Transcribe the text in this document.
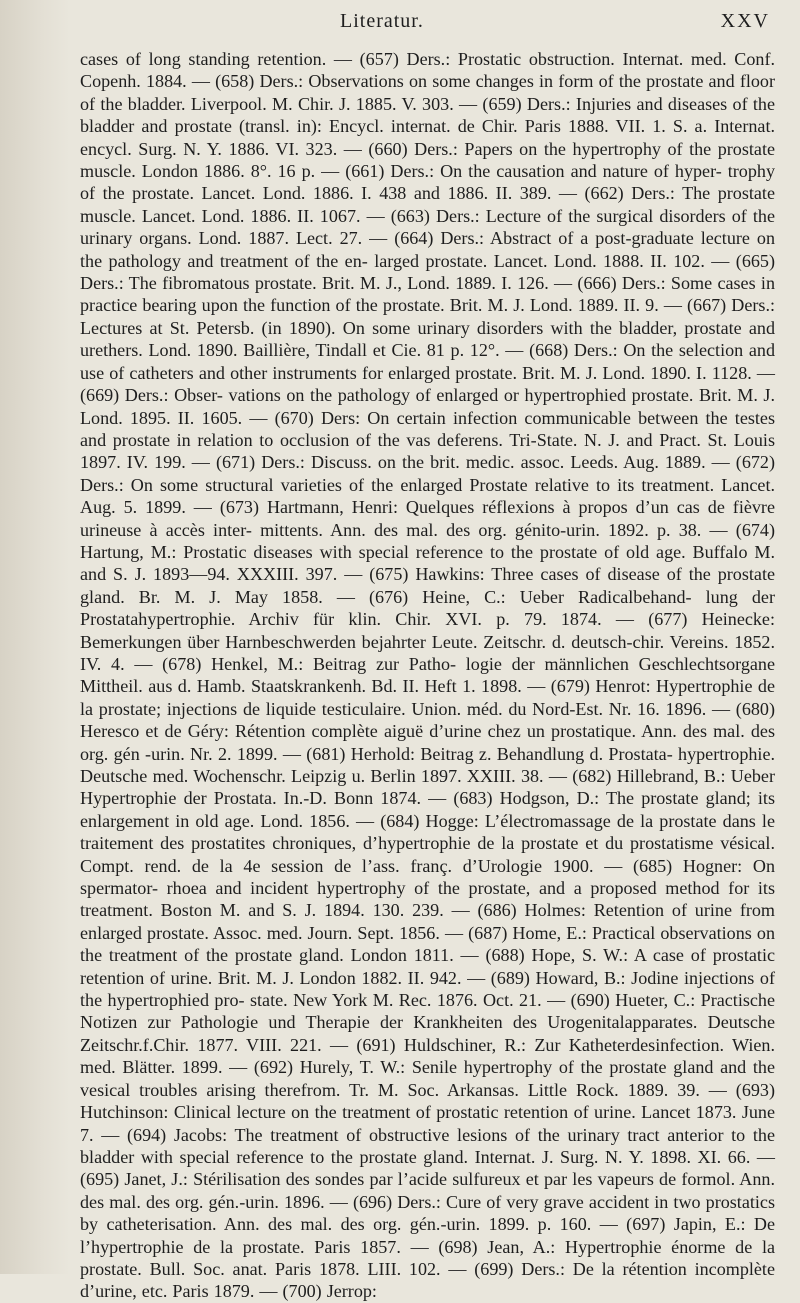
Literatur.	XXV

cases of long standing retention. — (657) Ders.: Prostatic obstruction. Internat. med. Conf. Copenh. 1884. — (658) Ders.: Observations on some changes in form of the prostate and floor of the bladder. Liverpool. M. Chir. J. 1885. V. 303. — (659) Ders.: Injuries and diseases of the bladder and prostate (transl. in): Encycl. internat. de Chir. Paris 1888. VII. 1. S. a. Internat. encycl. Surg. N. Y. 1886. VI. 323. — (660) Ders.: Papers on the hypertrophy of the prostate muscle. London 1886. 8°. 16 p. — (661) Ders.: On the causation and nature of hyper- trophy of the prostate. Lancet. Lond. 1886. I. 438 and 1886. II. 389. — (662) Ders.: The prostate muscle. Lancet. Lond. 1886. II. 1067. — (663) Ders.: Lecture of the surgical disorders of the urinary organs. Lond. 1887. Lect. 27. — (664) Ders.: Abstract of a post-graduate lecture on the pathology and treatment of the en- larged prostate. Lancet. Lond. 1888. II. 102. — (665) Ders.: The fibromatous prostate. Brit. M. J., Lond. 1889. I. 126. — (666) Ders.: Some cases in practice bearing upon the function of the prostate. Brit. M. J. Lond. 1889. II. 9. — (667) Ders.: Lectures at St. Petersb. (in 1890). On some urinary disorders with the bladder, prostate and urethers. Lond. 1890. Baillière, Tindall et Cie. 81 p. 12°. — (668) Ders.: On the selection and use of catheters and other instruments for enlarged prostate. Brit. M. J. Lond. 1890. I. 1128. — (669) Ders.: Obser- vations on the pathology of enlarged or hypertrophied prostate. Brit. M. J. Lond. 1895. II. 1605. — (670) Ders: On certain infection communicable between the testes and prostate in relation to occlusion of the vas deferens. Tri-State. N. J. and Pract. St. Louis 1897. IV. 199. — (671) Ders.: Discuss. on the brit. medic. assoc. Leeds. Aug. 1889. — (672) Ders.: On some structural varieties of the enlarged Prostate relative to its treatment. Lancet. Aug. 5. 1899. — (673) Hartmann, Henri: Quelques réflexions à propos d’un cas de fièvre urineuse à accès inter- mittents. Ann. des mal. des org. génito-urin. 1892. p. 38. — (674) Hartung, M.: Prostatic diseases with special reference to the prostate of old age. Buffalo M. and S. J. 1893—94. XXXIII. 397. — (675) Hawkins: Three cases of disease of the prostate gland. Br. M. J. May 1858. — (676) Heine, C.: Ueber Radicalbehand- lung der Prostatahypertrophie. Archiv für klin. Chir. XVI. p. 79. 1874. — (677) Heinecke: Bemerkungen über Harnbeschwerden bejahrter Leute. Zeitschr. d. deutsch-chir. Vereins. 1852. IV. 4. — (678) Henkel, M.: Beitrag zur Patho- logie der männlichen Geschlechtsorgane Mittheil. aus d. Hamb. Staatskrankenh. Bd. II. Heft 1. 1898. — (679) Henrot: Hypertrophie de la prostate; injections de liquide testiculaire. Union. méd. du Nord-Est. Nr. 16. 1896. — (680) Heresco et de Géry: Rétention complète aiguë d’urine chez un prostatique. Ann. des mal. des org. gén -urin. Nr. 2. 1899. — (681) Herhold: Beitrag z. Behandlung d. Prostata- hypertrophie. Deutsche med. Wochenschr. Leipzig u. Berlin 1897. XXIII. 38. — (682) Hillebrand, B.: Ueber Hypertrophie der Prostata. In.-D. Bonn 1874. — (683) Hodgson, D.: The prostate gland; its enlargement in old age. Lond. 1856. — (684) Hogge: L’électromassage de la prostate dans le traitement des prostatites chroniques, d’hypertrophie de la prostate et du prostatisme vésical. Compt. rend. de la 4e session de l’ass. franç. d’Urologie 1900. — (685) Hogner: On spermator- rhoea and incident hypertrophy of the prostate, and a proposed method for its treatment. Boston M. and S. J. 1894. 130. 239. — (686) Holmes: Retention of urine from enlarged prostate. Assoc. med. Journ. Sept. 1856. — (687) Home, E.: Practical observations on the treatment of the prostate gland. London 1811. — (688) Hope, S. W.: A case of prostatic retention of urine. Brit. M. J. London 1882. II. 942. — (689) Howard, B.: Jodine injections of the hypertrophied pro- state. New York M. Rec. 1876. Oct. 21. — (690) Hueter, C.: Practische Notizen zur Pathologie und Therapie der Krankheiten des Urogenitalapparates. Deutsche Zeitschr.f.Chir. 1877. VIII. 221. — (691) Huldschiner, R.: Zur Katheterdesinfection. Wien. med. Blätter. 1899. — (692) Hurely, T. W.: Senile hypertrophy of the prostate gland and the vesical troubles arising therefrom. Tr. M. Soc. Arkansas. Little Rock. 1889. 39. — (693) Hutchinson: Clinical lecture on the treatment of prostatic retention of urine. Lancet 1873. June 7. — (694) Jacobs: The treatment of obstructive lesions of the urinary tract anterior to the bladder with special reference to the prostate gland. Internat. J. Surg. N. Y. 1898. XI. 66. — (695) Janet, J.: Stérilisation des sondes par l’acide sulfureux et par les vapeurs de formol. Ann. des mal. des org. gén.-urin. 1896. — (696) Ders.: Cure of very grave accident in two prostatics by catheterisation. Ann. des mal. des org. gén.-urin. 1899. p. 160. — (697) Japin, E.: De l’hypertrophie de la prostate. Paris 1857. — (698) Jean, A.: Hypertrophie énorme de la prostate. Bull. Soc. anat. Paris 1878. LIII. 102. — (699) Ders.: De la rétention incomplète d’urine, etc. Paris 1879. — (700) Jerrop:
